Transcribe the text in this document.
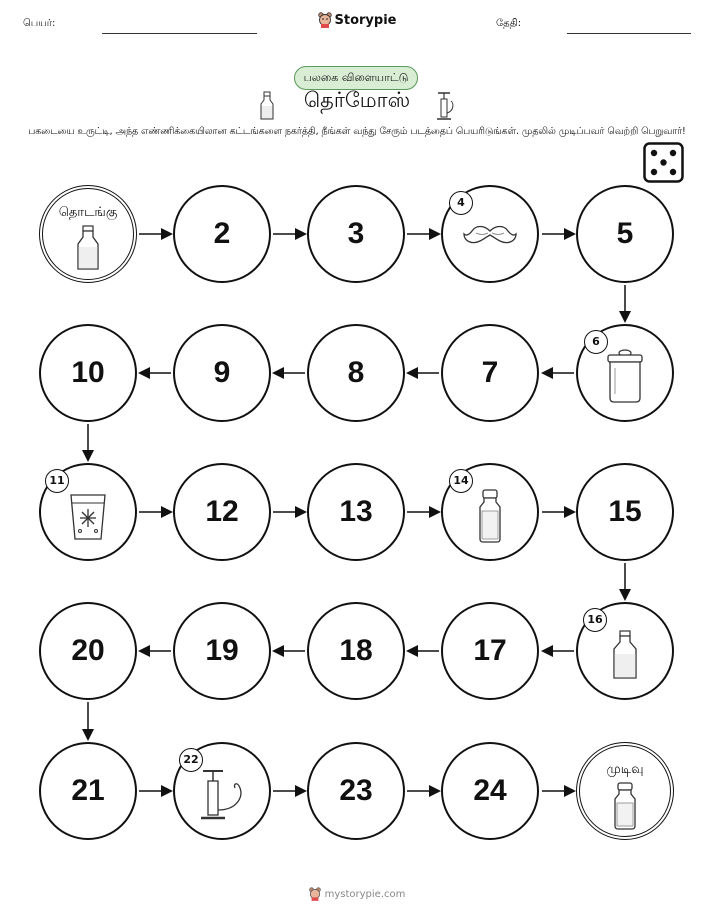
பெயர்:	தேதி:
Storypie
பலகை விளையாட்டு
தெர்மோஸ்
பகடையை உருட்டி, அந்த எண்ணிக்கையிலான கட்டங்களை நகர்த்தி, நீங்கள் வந்து சேரும் படத்தைப் பெயரிடுங்கள். முதலில் முடிப்பவர் வெற்றி பெறுவார்!
தொடங்கு
2	3
4
5
10	9	8	7
6
11
12	13
14
15
20	19	18	17
16
21
22
23	24
முடிவு
mystorypie.com
